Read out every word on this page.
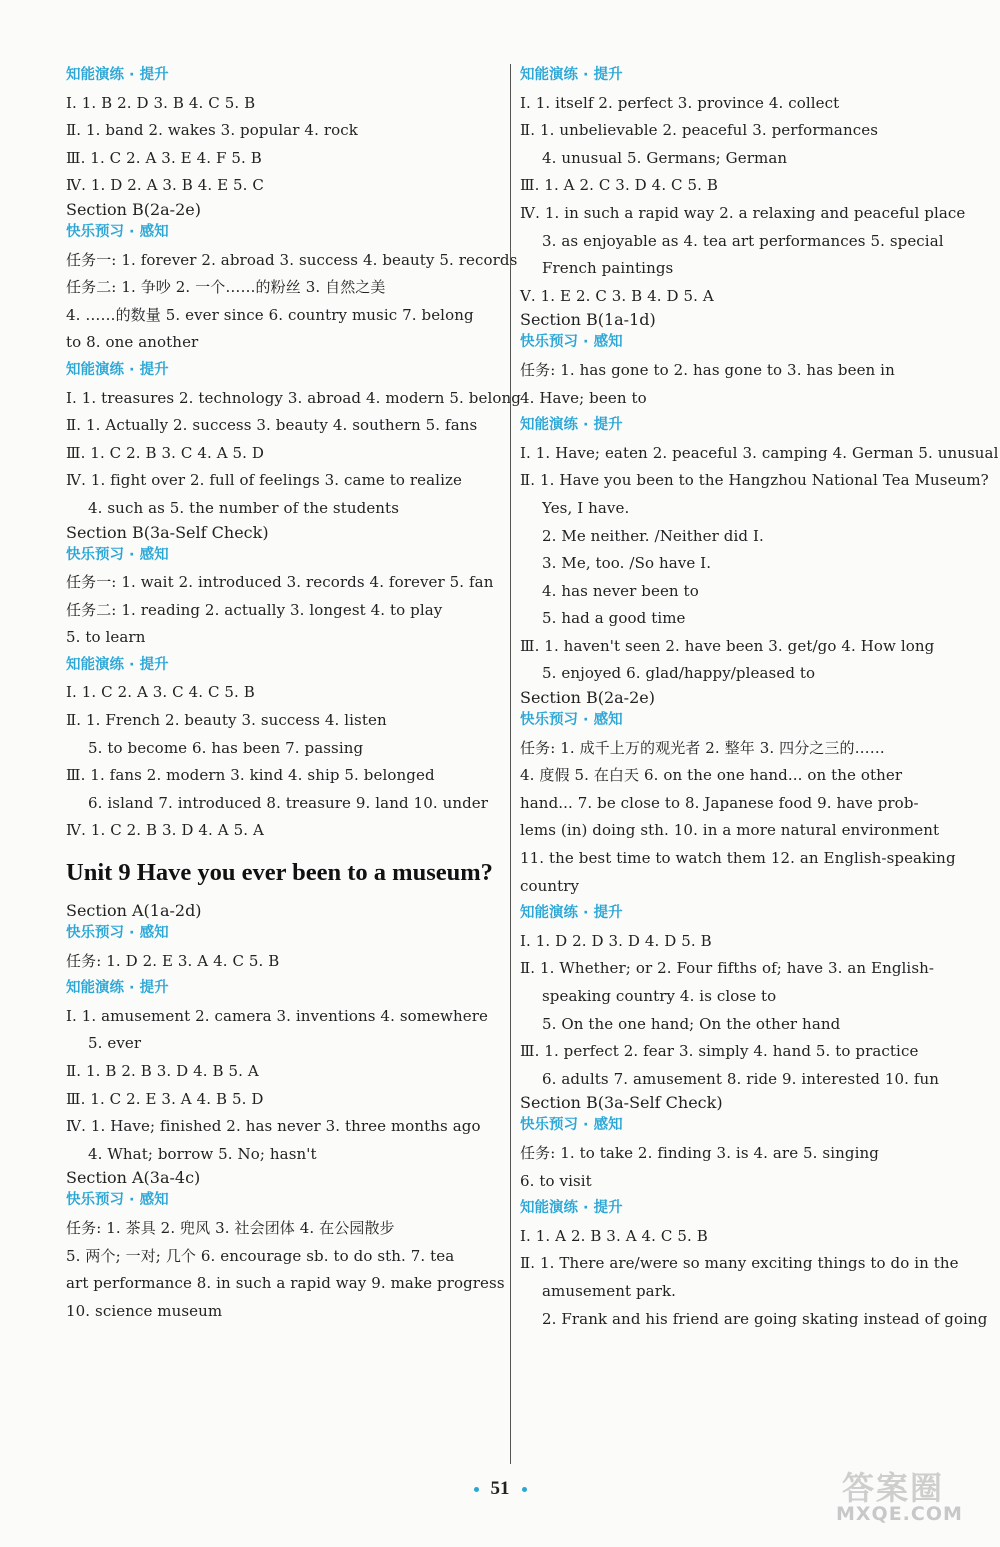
知能演练 · 提升
Ⅰ. 1. B 2. D 3. B 4. C 5. B
Ⅱ. 1. band 2. wakes 3. popular 4. rock
Ⅲ. 1. C 2. A 3. E 4. F 5. B
Ⅳ. 1. D 2. A 3. B 4. E 5. C
Section B(2a-2e)
快乐预习 · 感知
任务一: 1. forever 2. abroad 3. success 4. beauty 5. records
任务二: 1. 争吵 2. 一个……的粉丝 3. 自然之美
4. ……的数量 5. ever since 6. country music 7. belong
to 8. one another
知能演练 · 提升
Ⅰ. 1. treasures 2. technology 3. abroad 4. modern 5. belong
Ⅱ. 1. Actually 2. success 3. beauty 4. southern 5. fans
Ⅲ. 1. C 2. B 3. C 4. A 5. D
Ⅳ. 1. fight over 2. full of feelings 3. came to realize
4. such as 5. the number of the students
Section B(3a-Self Check)
快乐预习 · 感知
任务一: 1. wait 2. introduced 3. records 4. forever 5. fan
任务二: 1. reading 2. actually 3. longest 4. to play
5. to learn
知能演练 · 提升
Ⅰ. 1. C 2. A 3. C 4. C 5. B
Ⅱ. 1. French 2. beauty 3. success 4. listen
5. to become 6. has been 7. passing
Ⅲ. 1. fans 2. modern 3. kind 4. ship 5. belonged
6. island 7. introduced 8. treasure 9. land 10. under
Ⅳ. 1. C 2. B 3. D 4. A 5. A
Unit 9 Have you ever been to a museum?
Section A(1a-2d)
快乐预习 · 感知
任务: 1. D 2. E 3. A 4. C 5. B
知能演练 · 提升
Ⅰ. 1. amusement 2. camera 3. inventions 4. somewhere
5. ever
Ⅱ. 1. B 2. B 3. D 4. B 5. A
Ⅲ. 1. C 2. E 3. A 4. B 5. D
Ⅳ. 1. Have; finished 2. has never 3. three months ago
4. What; borrow 5. No; hasn't
Section A(3a-4c)
快乐预习 · 感知
任务: 1. 茶具 2. 兜风 3. 社会团体 4. 在公园散步
5. 两个; 一对; 几个 6. encourage sb. to do sth. 7. tea
art performance 8. in such a rapid way 9. make progress
10. science museum
知能演练 · 提升
Ⅰ. 1. itself 2. perfect 3. province 4. collect
Ⅱ. 1. unbelievable 2. peaceful 3. performances
4. unusual 5. Germans; German
Ⅲ. 1. A 2. C 3. D 4. C 5. B
Ⅳ. 1. in such a rapid way 2. a relaxing and peaceful place
3. as enjoyable as 4. tea art performances 5. special
French paintings
Ⅴ. 1. E 2. C 3. B 4. D 5. A
Section B(1a-1d)
快乐预习 · 感知
任务: 1. has gone to 2. has gone to 3. has been in
4. Have; been to
知能演练 · 提升
Ⅰ. 1. Have; eaten 2. peaceful 3. camping 4. German 5. unusual
Ⅱ. 1. Have you been to the Hangzhou National Tea Museum?
Yes, I have.
2. Me neither. /Neither did I.
3. Me, too. /So have I.
4. has never been to
5. had a good time
Ⅲ. 1. haven't seen 2. have been 3. get/go 4. How long
5. enjoyed 6. glad/happy/pleased to
Section B(2a-2e)
快乐预习 · 感知
任务: 1. 成千上万的观光者 2. 整年 3. 四分之三的……
4. 度假 5. 在白天 6. on the one hand... on the other
hand... 7. be close to 8. Japanese food 9. have prob-
lems (in) doing sth. 10. in a more natural environment
11. the best time to watch them 12. an English-speaking
country
知能演练 · 提升
Ⅰ. 1. D 2. D 3. D 4. D 5. B
Ⅱ. 1. Whether; or 2. Four fifths of; have 3. an English-
speaking country 4. is close to
5. On the one hand; On the other hand
Ⅲ. 1. perfect 2. fear 3. simply 4. hand 5. to practice
6. adults 7. amusement 8. ride 9. interested 10. fun
Section B(3a-Self Check)
快乐预习 · 感知
任务: 1. to take 2. finding 3. is 4. are 5. singing
6. to visit
知能演练 · 提升
Ⅰ. 1. A 2. B 3. A 4. C 5. B
Ⅱ. 1. There are/were so many exciting things to do in the
amusement park.
2. Frank and his friend are going skating instead of going
51	答案圈
MXQE.COM
